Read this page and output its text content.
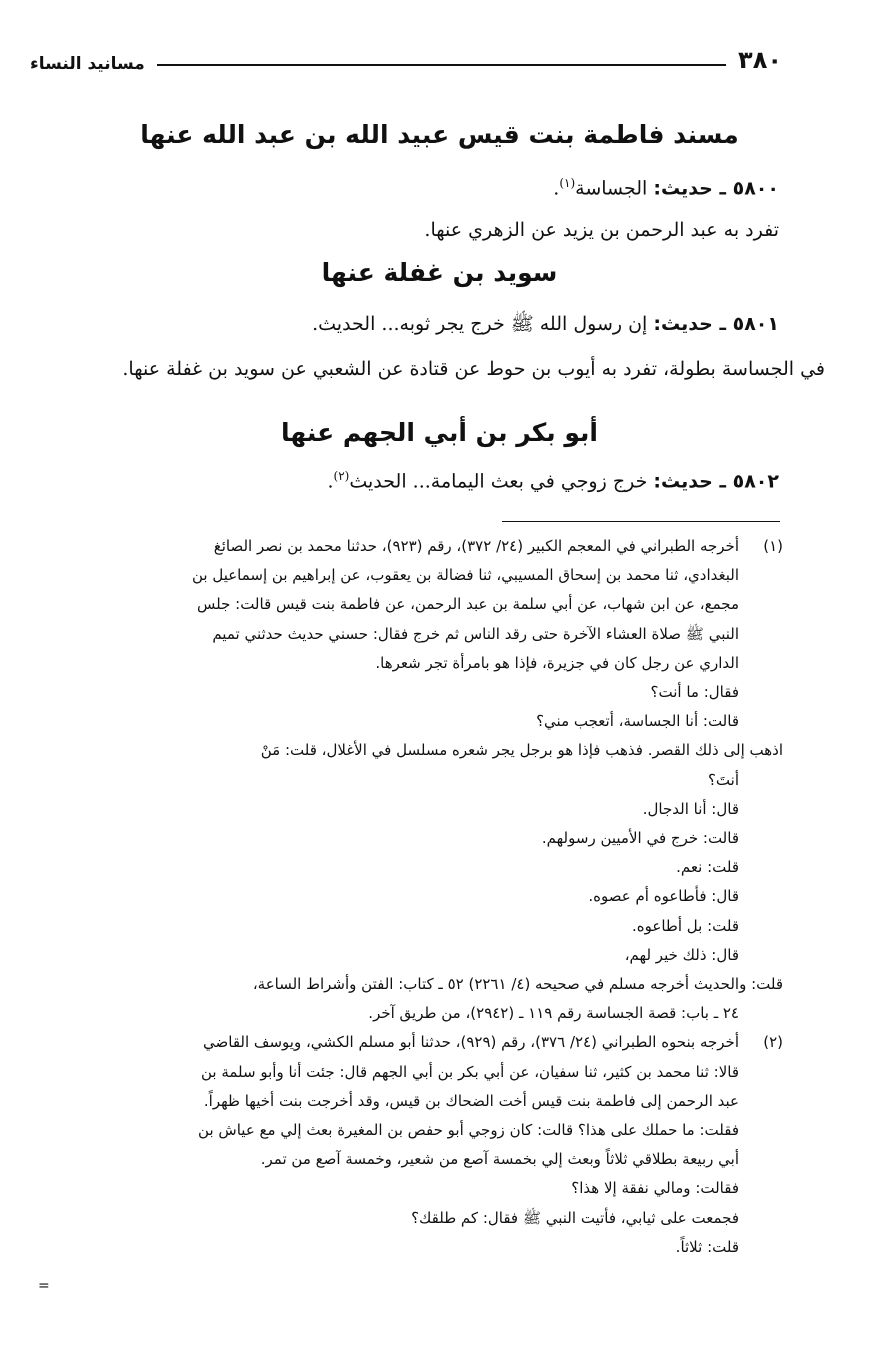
٣٨٠
مسانيد النساء
مسند فاطمة بنت قيس عبيد الله بن عبد الله عنها
٥٨٠٠ ـ حديث: الجساسة$^{(١)}$.
تفرد به عبد الرحمن بن يزيد عن الزهري عنها.
سويد بن غفلة عنها
٥٨٠١ ـ حديث: إن رسول الله ﷺ خرج يجر ثوبه... الحديث.
في الجساسة بطولة، تفرد به أيوب بن حوط عن قتادة عن الشعبي عن سويد بن غفلة عنها.
أبو بكر بن أبي الجهم عنها
٥٨٠٢ ـ حديث: خرج زوجي في بعث اليمامة... الحديث$^{(٢)}$.
(١)
أخرجه الطبراني في المعجم الكبير (٢٤/ ٣٧٢)، رقم (٩٢٣)، حدثنا محمد بن نصر الصائغ
البغدادي، ثنا محمد بن إسحاق المسيبي، ثنا فضالة بن يعقوب، عن إبراهيم بن إسماعيل بن
مجمع، عن ابن شهاب، عن أبي سلمة بن عبد الرحمن، عن فاطمة بنت قيس قالت: جلس
النبي ﷺ صلاة العشاء الآخرة حتى رقد الناس ثم خرج فقال: حسني حديث حدثني تميم
الداري عن رجل كان في جزيرة، فإذا هو بامرأة تجر شعرها.
فقال: ما أنت؟
قالت: أنا الجساسة، أتعجب مني؟
اذهب إلى ذلك القصر. فذهب فإذا هو برجل يجر شعره مسلسل في الأغلال، قلت: مَنْ
أنتَ؟
قال: أنا الدجال.
قالت: خرج في الأميين رسولهم.
قلت: نعم.
قال: فأطاعوه أم عصوه.
قلت: بل أطاعوه.
قال: ذلك خير لهم،
قلت: والحديث أخرجه مسلم في صحيحه (٤/ ٢٢٦١) ٥٢ ـ كتاب: الفتن وأشراط الساعة،
٢٤ ـ باب: قصة الجساسة رقم ١١٩ ـ (٢٩٤٢)، من طريق آخر.
(٢)
أخرجه بنحوه الطبراني (٢٤/ ٣٧٦)، رقم (٩٢٩)، حدثنا أبو مسلم الكشي، ويوسف القاضي
قالا: ثنا محمد بن كثير، ثنا سفيان، عن أبي بكر بن أبي الجهم قال: جئت أنا وأبو سلمة بن
عبد الرحمن إلى فاطمة بنت قيس أخت الضحاك بن قيس، وقد أخرجت بنت أخيها ظهراً.
فقلت: ما حملك على هذا؟ قالت: كان زوجي أبو حفص بن المغيرة بعث إلي مع عياش بن
أبي ربيعة بطلاقي ثلاثاً وبعث إلي بخمسة آصع من شعير، وخمسة آصع من تمر.
فقالت: ومالي نفقة إلا هذا؟
فجمعت على ثيابي، فأتيت النبي ﷺ فقال: كم طلقك؟
قلت: ثلاثاً.
=
